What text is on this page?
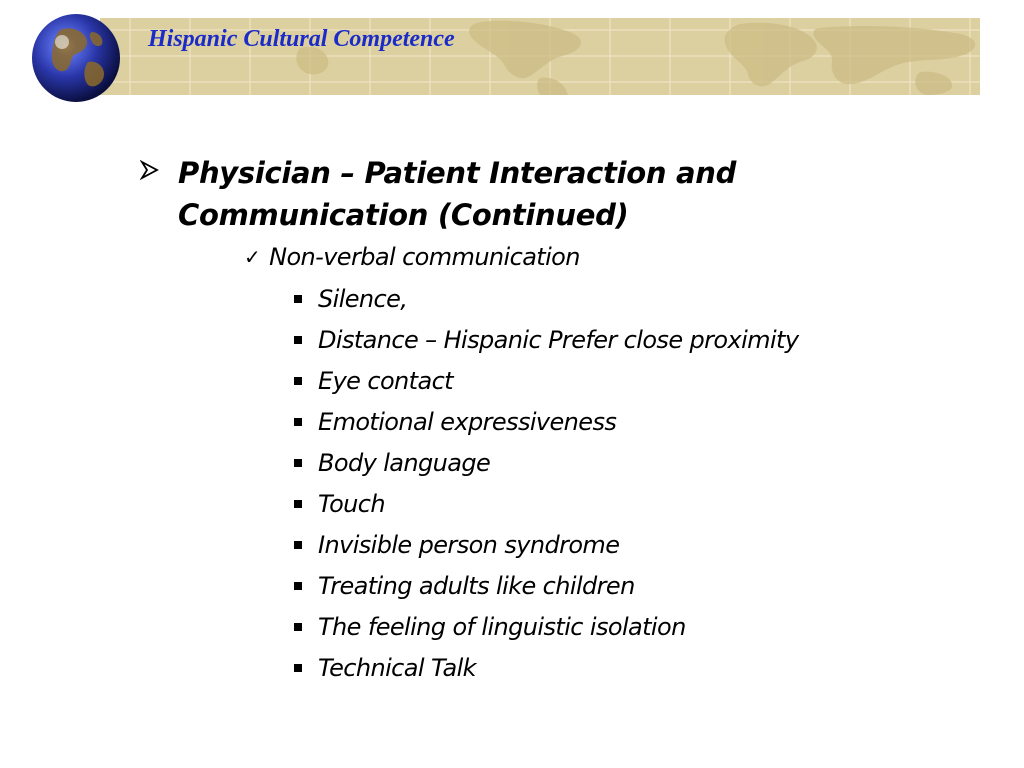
Hispanic Cultural Competence
Physician – Patient Interaction and Communication (Continued)
✓ Non-verbal communication
Silence,
Distance – Hispanic Prefer close proximity
Eye contact
Emotional expressiveness
Body language
Touch
Invisible person syndrome
Treating adults like children
The feeling of linguistic isolation
Technical Talk
